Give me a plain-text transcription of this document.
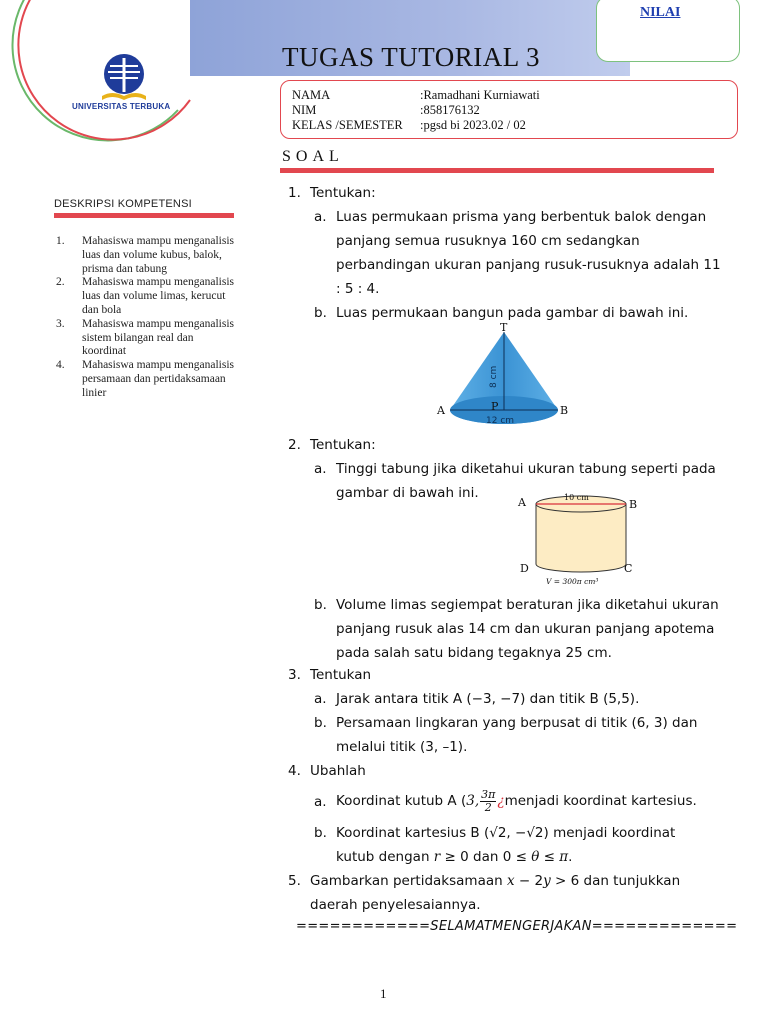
UNIVERSITAS TERBUKA
NILAI
TUGAS TUTORIAL 3
NAMA	:Ramadhani Kurniawati
NIM	:858176132
KELAS /SEMESTER :pgsd bi 2023.02 / 02
SOAL
DESKRIPSI KOMPETENSI
1.	Mahasiswa mampu menganalisis luas dan volume kubus, balok, prisma dan tabung
2.	Mahasiswa mampu menganalisis luas dan volume limas, kerucut dan bola
3.	Mahasiswa mampu menganalisis sistem bilangan real dan koordinat
4.	Mahasiswa mampu menganalisis persamaan dan pertidaksamaan linier
1. Tentukan:
a. Luas permukaan prisma yang berbentuk balok dengan
panjang semua rusuknya 160 cm sedangkan
perbandingan ukuran panjang rusuk-rusuknya adalah 11
: 5 : 4.
b. Luas permukaan bangun pada gambar di bawah ini.
T
A	B
P
8 cm
12 cm
2. Tentukan:
a. Tinggi tabung jika diketahui ukuran tabung seperti pada
gambar di bawah ini.
A	B
D	C
10 cm
V = 300π cm³
b. Volume limas segiempat beraturan jika diketahui ukuran
panjang rusuk alas 14 cm dan ukuran panjang apotema
pada salah satu bidang tegaknya 25 cm.
3. Tentukan
a. Jarak antara titik A (−3, −7) dan titik B (5,5).
b. Persamaan lingkaran yang berpusat di titik (6, 3) dan
melalui titik (3, –1).
4. Ubahlah
a. Koordinat kutub A (3, $\frac{3\pi}{2}$ ¿menjadi koordinat kartesius.
b. Koordinat kartesius B (√2, −√2) menjadi koordinat
kutub dengan r ≥ 0 dan 0 ≤ θ ≤ π.
5. Gambarkan pertidaksamaan x − 2y > 6 dan tunjukkan
daerah penyelesaiannya.
============SELAMATMENGERJAKAN=============
1
